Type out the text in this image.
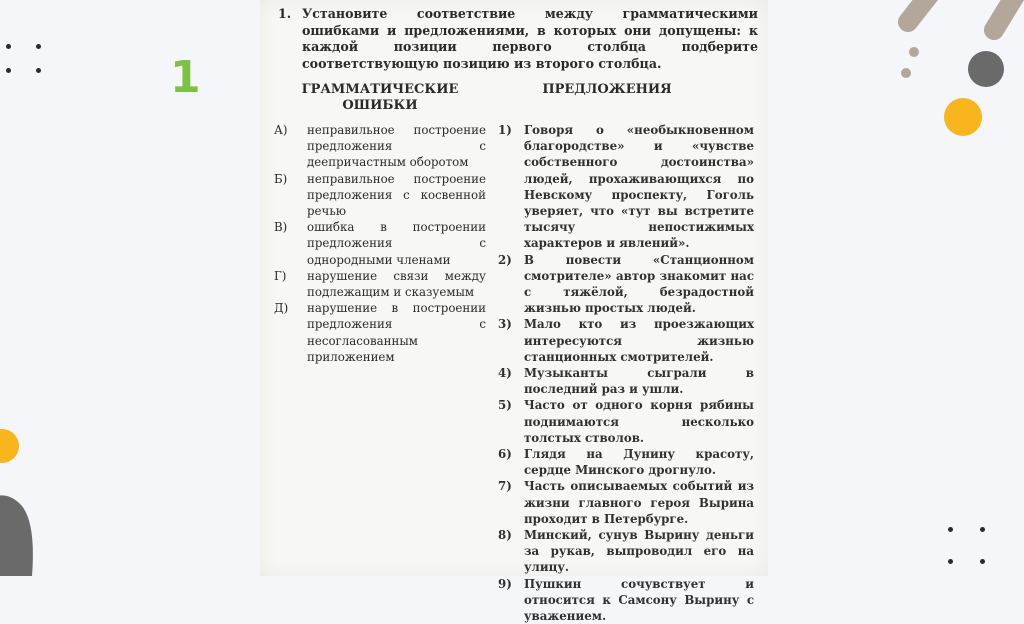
1
1. Установите соответствие между грамматическими ошибками и предложениями, в которых они допущены: к каждой позиции первого столбца подберите соответствующую позицию из второго столбца.
ГРАММАТИЧЕСКИЕ ОШИБКИ
ПРЕДЛОЖЕНИЯ
А) неправильное построение предложения с деепричастным оборотом
Б) неправильное построение предложения с косвенной речью
В) ошибка в построении предложения с однородными членами
Г) нарушение связи между подлежащим и сказуемым
Д) нарушение в построении предложения с несогласованным приложением
1) Говоря о «необыкновенном благородстве» и «чувстве собственного достоинства» людей, прохаживающихся по Невскому проспекту, Гоголь уверяет, что «тут вы встретите тысячу непостижимых характеров и явлений».
2) В повести «Станционном смотрителе» автор знакомит нас с тяжёлой, безрадостной жизнью простых людей.
3) Мало кто из проезжающих интересуются жизнью станционных смотрителей.
4) Музыканты сыграли в последний раз и ушли.
5) Часто от одного корня рябины поднимаются несколько толстых стволов.
6) Глядя на Дунину красоту, сердце Минского дрогнуло.
7) Часть описываемых событий из жизни главного героя Вырина проходит в Петербурге.
8) Минский, сунув Вырину деньги за рукав, выпроводил его на улицу.
9) Пушкин сочувствует и относится к Самсону Вырину с уважением.
